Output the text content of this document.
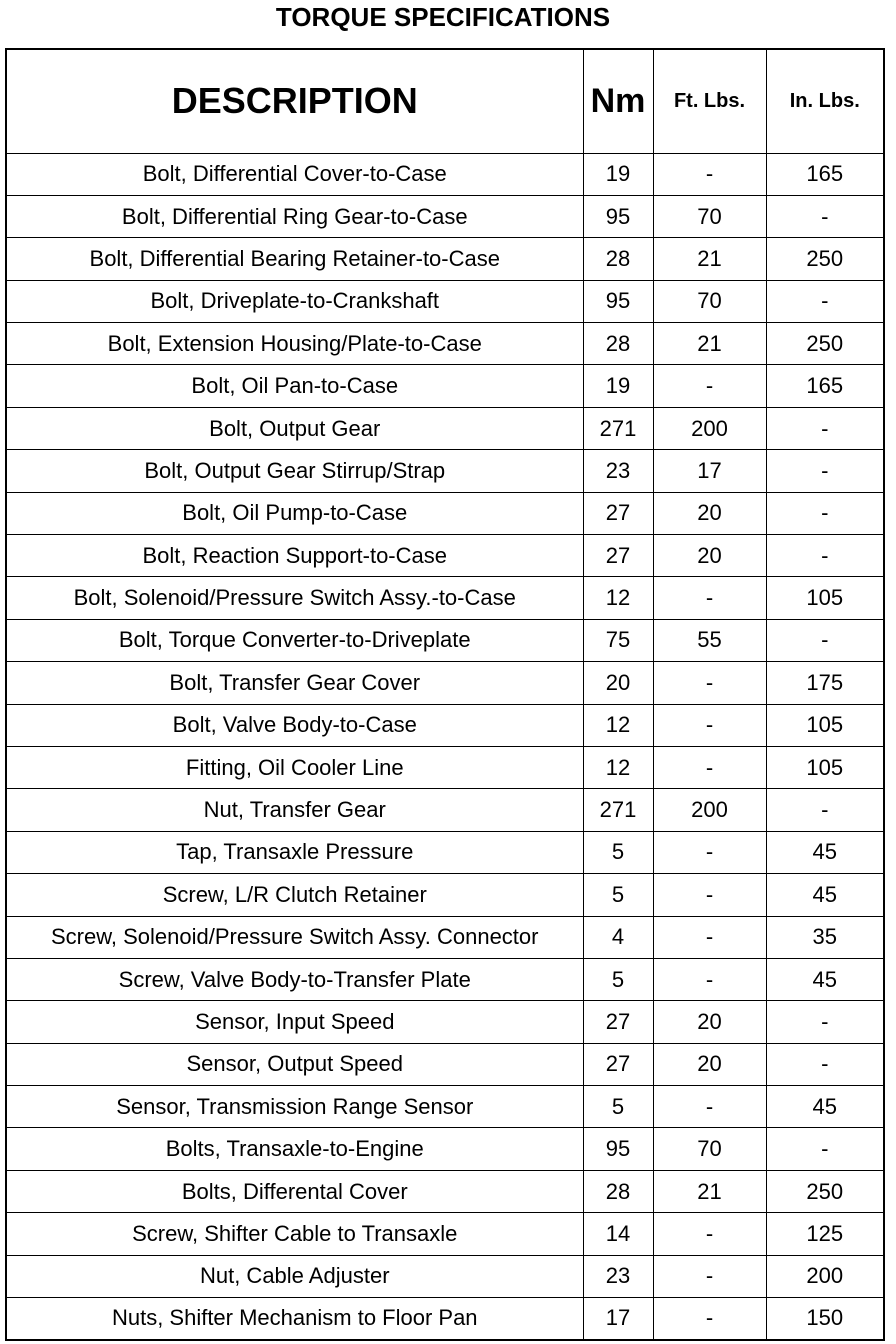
TORQUE SPECIFICATIONS
DESCRIPTION	Nm	Ft. Lbs.	In. Lbs.
Bolt, Differential Cover-to-Case	19	-	165
Bolt, Differential Ring Gear-to-Case	95	70	-
Bolt, Differential Bearing Retainer-to-Case	28	21	250
Bolt, Driveplate-to-Crankshaft	95	70	-
Bolt, Extension Housing/Plate-to-Case	28	21	250
Bolt, Oil Pan-to-Case	19	-	165
Bolt, Output Gear	271	200	-
Bolt, Output Gear Stirrup/Strap	23	17	-
Bolt, Oil Pump-to-Case	27	20	-
Bolt, Reaction Support-to-Case	27	20	-
Bolt, Solenoid/Pressure Switch Assy.-to-Case	12	-	105
Bolt, Torque Converter-to-Driveplate	75	55	-
Bolt, Transfer Gear Cover	20	-	175
Bolt, Valve Body-to-Case	12	-	105
Fitting, Oil Cooler Line	12	-	105
Nut, Transfer Gear	271	200	-
Tap, Transaxle Pressure	5	-	45
Screw, L/R Clutch Retainer	5	-	45
Screw, Solenoid/Pressure Switch Assy. Connector	4	-	35
Screw, Valve Body-to-Transfer Plate	5	-	45
Sensor, Input Speed	27	20	-
Sensor, Output Speed	27	20	-
Sensor, Transmission Range Sensor	5	-	45
Bolts, Transaxle-to-Engine	95	70	-
Bolts, Differental Cover	28	21	250
Screw, Shifter Cable to Transaxle	14	-	125
Nut, Cable Adjuster	23	-	200
Nuts, Shifter Mechanism to Floor Pan	17	-	150
